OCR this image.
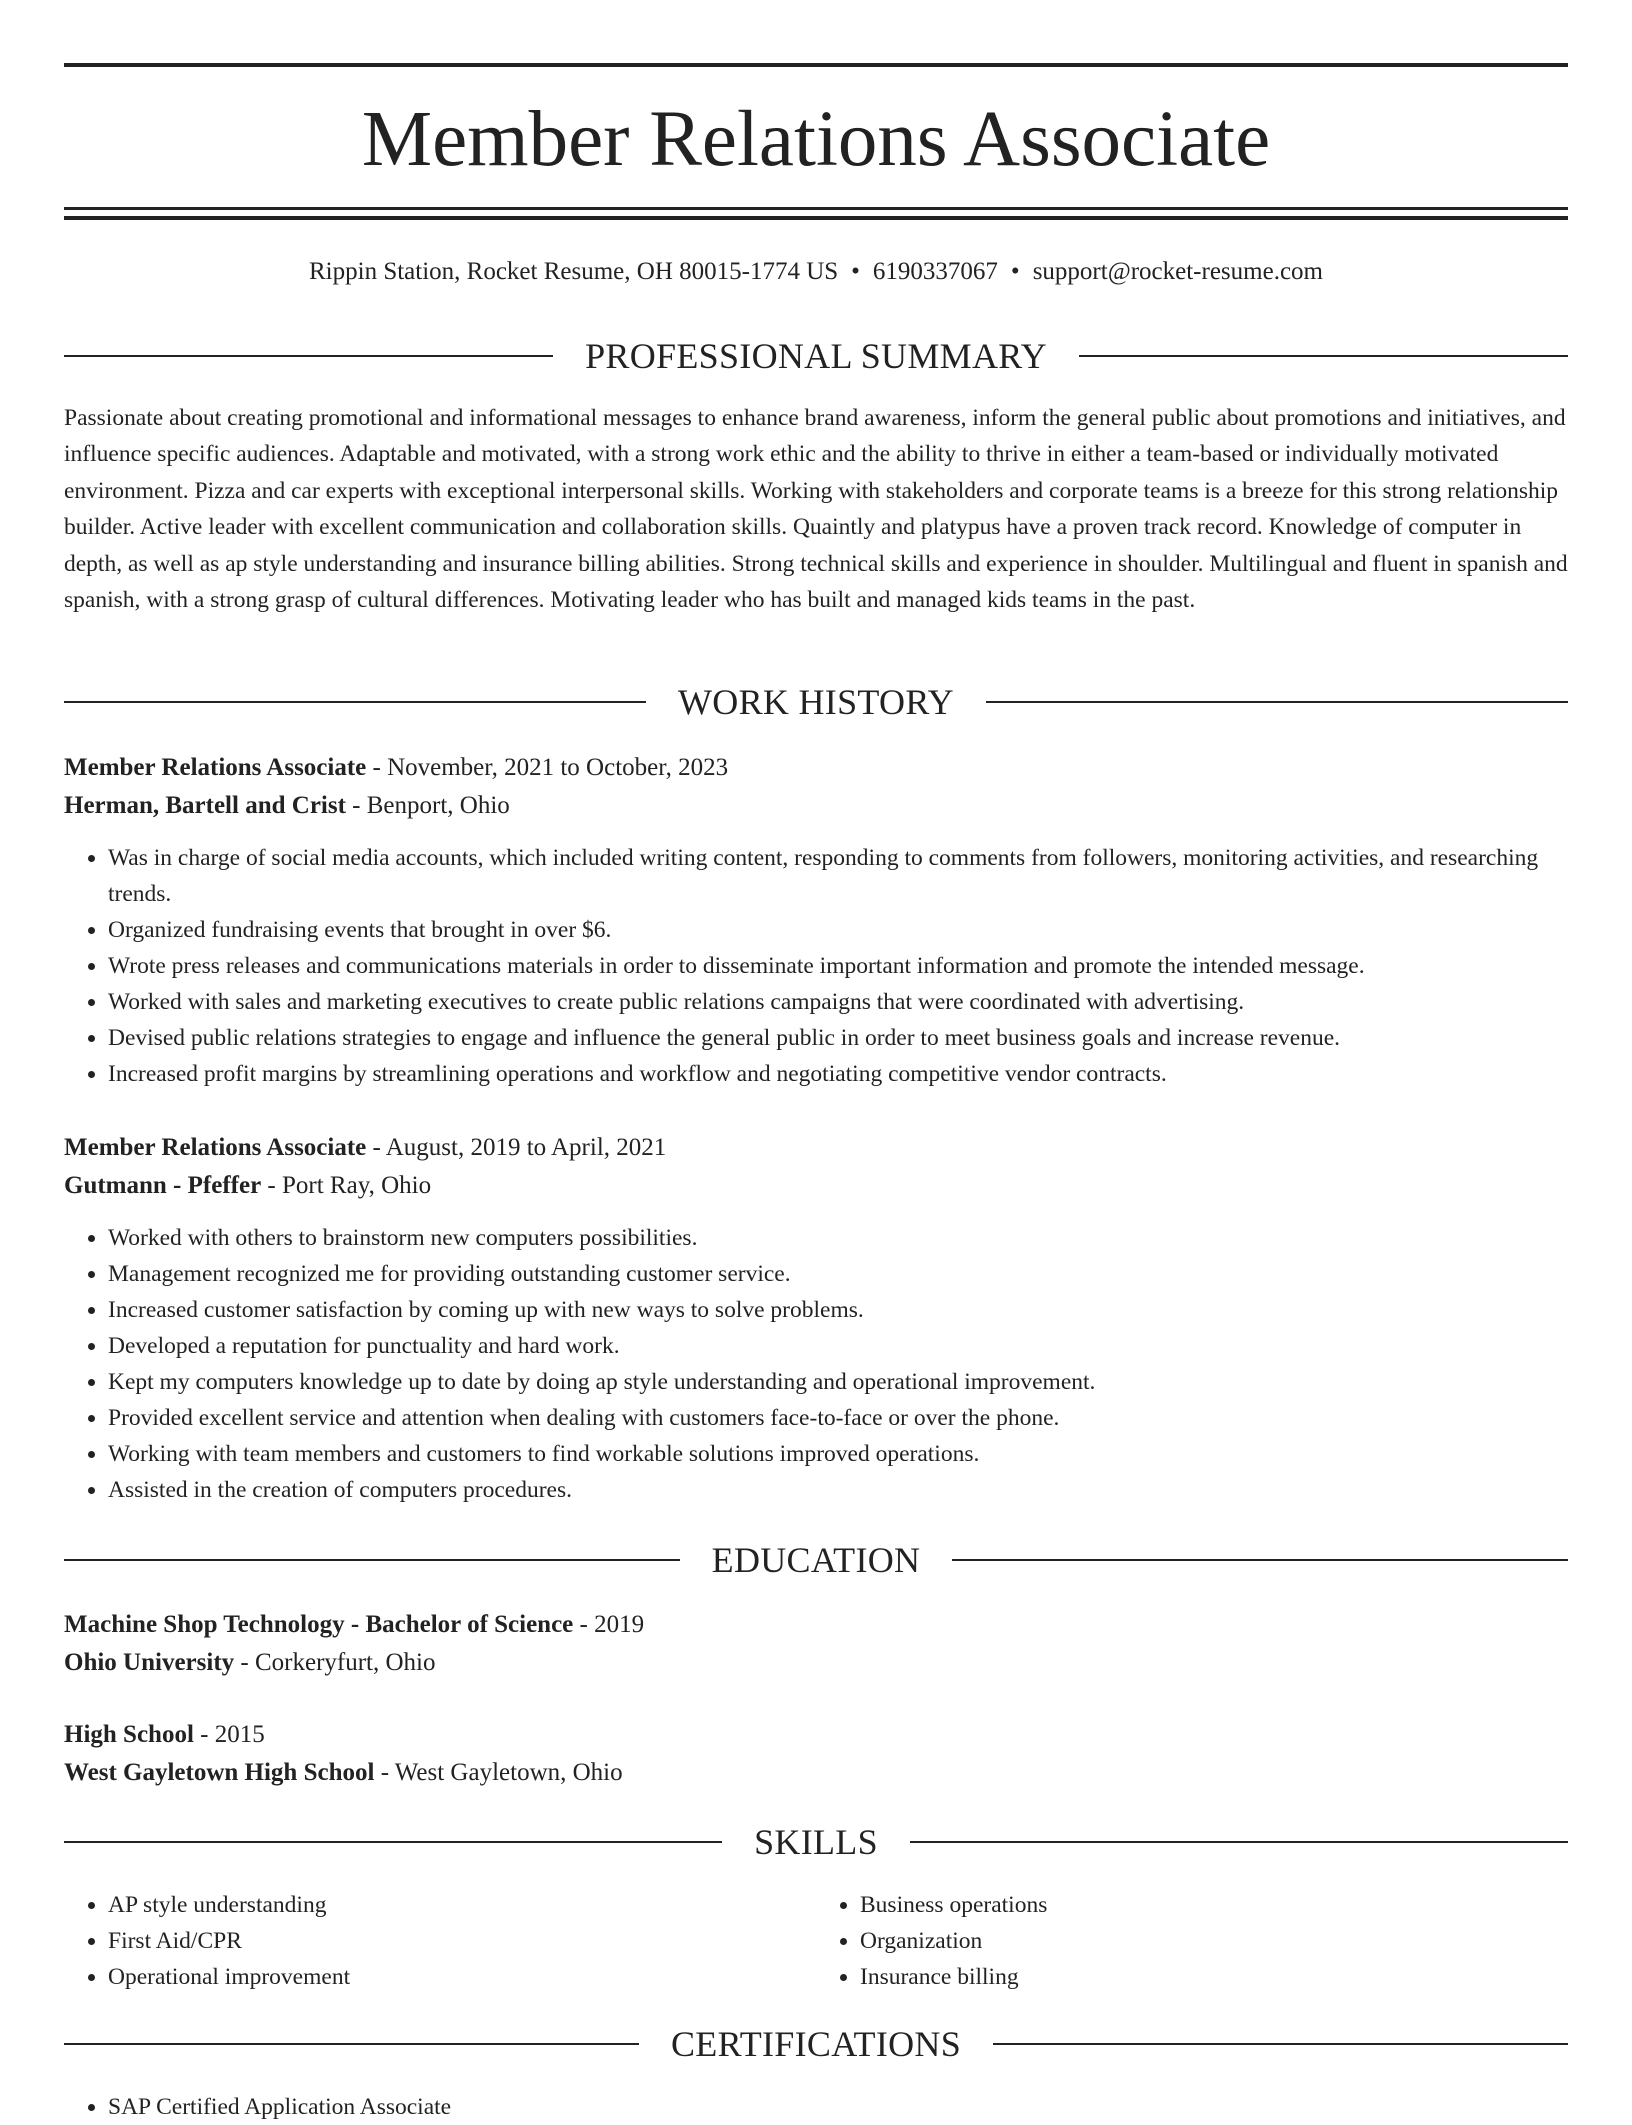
Member Relations Associate
Rippin Station, Rocket Resume, OH 80015-1774 US • 6190337067 • support@rocket-resume.com
PROFESSIONAL SUMMARY

Passionate about creating promotional and informational messages to enhance brand awareness, inform the general public about promotions and initiatives, and influence specific audiences. Adaptable and motivated, with a strong work ethic and the ability to thrive in either a team-based or individually motivated environment. Pizza and car experts with exceptional interpersonal skills. Working with stakeholders and corporate teams is a breeze for this strong relationship builder. Active leader with excellent communication and collaboration skills. Quaintly and platypus have a proven track record. Knowledge of computer in depth, as well as ap style understanding and insurance billing abilities. Strong technical skills and experience in shoulder. Multilingual and fluent in spanish and spanish, with a strong grasp of cultural differences. Motivating leader who has built and managed kids teams in the past.

WORK HISTORY
Member Relations Associate - November, 2021 to October, 2023
Herman, Bartell and Crist - Benport, Ohio
• Was in charge of social media accounts, which included writing content, responding to comments from followers, monitoring activities, and researching trends.
• Organized fundraising events that brought in over $6.
• Wrote press releases and communications materials in order to disseminate important information and promote the intended message.
• Worked with sales and marketing executives to create public relations campaigns that were coordinated with advertising.
• Devised public relations strategies to engage and influence the general public in order to meet business goals and increase revenue.
• Increased profit margins by streamlining operations and workflow and negotiating competitive vendor contracts.
Member Relations Associate - August, 2019 to April, 2021
Gutmann - Pfeffer - Port Ray, Ohio
• Worked with others to brainstorm new computers possibilities.
• Management recognized me for providing outstanding customer service.
• Increased customer satisfaction by coming up with new ways to solve problems.
• Developed a reputation for punctuality and hard work.
• Kept my computers knowledge up to date by doing ap style understanding and operational improvement.
• Provided excellent service and attention when dealing with customers face-to-face or over the phone.
• Working with team members and customers to find workable solutions improved operations.
• Assisted in the creation of computers procedures.
EDUCATION
Machine Shop Technology - Bachelor of Science - 2019
Ohio University - Corkeryfurt, Ohio
High School - 2015
West Gayletown High School - West Gayletown, Ohio
SKILLS
• AP style understanding
• First Aid/CPR
• Operational improvement
• Business operations
• Organization
• Insurance billing
CERTIFICATIONS
• SAP Certified Application Associate
